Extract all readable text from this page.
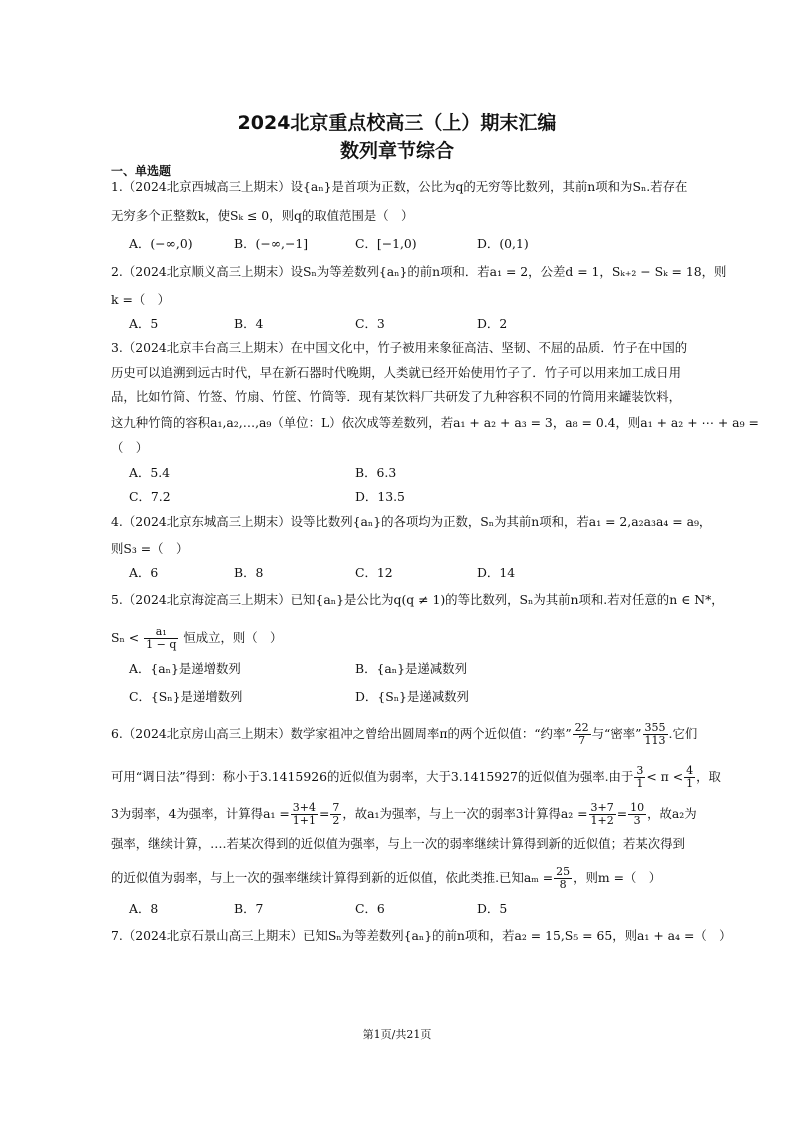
2024北京重点校高三（上）期末汇编
数列章节综合
一、单选题
1.（2024北京西城高三上期末）设{aₙ}是首项为正数，公比为q的无穷等比数列，其前n项和为Sₙ.若存在
无穷多个正整数k，使Sₖ ≤ 0，则q的取值范围是（　）
A．(−∞,0)	B．(−∞,−1]	C．[−1,0)	D．(0,1)
2.（2024北京顺义高三上期末）设Sₙ为等差数列{aₙ}的前n项和．若a₁ = 2，公差d = 1，Sₖ₊₂ − Sₖ = 18，则
k =（　）
A．5	B．4	C．3	D．2
3.（2024北京丰台高三上期末）在中国文化中，竹子被用来象征高洁、坚韧、不屈的品质．竹子在中国的
历史可以追溯到远古时代，早在新石器时代晚期，人类就已经开始使用竹子了．竹子可以用来加工成日用
品，比如竹简、竹签、竹扇、竹筐、竹筒等．现有某饮料厂共研发了九种容积不同的竹筒用来罐装饮料，
这九种竹筒的容积a₁,a₂,…,a₉（单位：L）依次成等差数列，若a₁ + a₂ + a₃ = 3，a₈ = 0.4，则a₁ + a₂ + ⋯ + a₉ =
（　）
A．5.4	B．6.3
C．7.2	D．13.5
4.（2024北京东城高三上期末）设等比数列{aₙ}的各项均为正数，Sₙ为其前n项和，若a₁ = 2,a₂a₃a₄ = a₉，
则S₃ =（　）
A．6	B．8	C．12	D．14
5.（2024北京海淀高三上期末）已知{aₙ}是公比为q(q ≠ 1)的等比数列，Sₙ为其前n项和.若对任意的n ∈ N*，
$S_n < \frac{\text{a₁}}{1 - q}$ 恒成立，则（　）
A．{aₙ}是递增数列	B．{aₙ}是递减数列
C．{Sₙ}是递增数列	D．{Sₙ}是递减数列
6.（2024北京房山高三上期末）数学家祖冲之曾给出圆周率π的两个近似值：“约率” $\frac{22}{7}$ 与“密率” $\frac{355}{113}$ .它们
可用“调日法”得到：称小于3.1415926的近似值为弱率，大于3.1415927的近似值为强率.由于 $\frac{3}{1} < \pi < \frac{4}{1}$ ，取
3为弱率，4为强率，计算得$a_1 = \frac{3+4}{1+1} = \frac{7}{2}$ ，故a₁为强率，与上一次的弱率3计算得$a_2 = \frac{3+7}{1+2} = \frac{10}{3}$ ，故a₂为
强率，继续计算，….若某次得到的近似值为强率，与上一次的弱率继续计算得到新的近似值；若某次得到
的近似值为弱率，与上一次的强率继续计算得到新的近似值，依此类推.已知$a_m = \frac{25}{8}$ ，则m =（　）
A．8	B．7	C．6	D．5
7.（2024北京石景山高三上期末）已知Sₙ为等差数列{aₙ}的前n项和，若a₂ = 15,S₅ = 65，则a₁ + a₄ =（　）
第1页/共21页
